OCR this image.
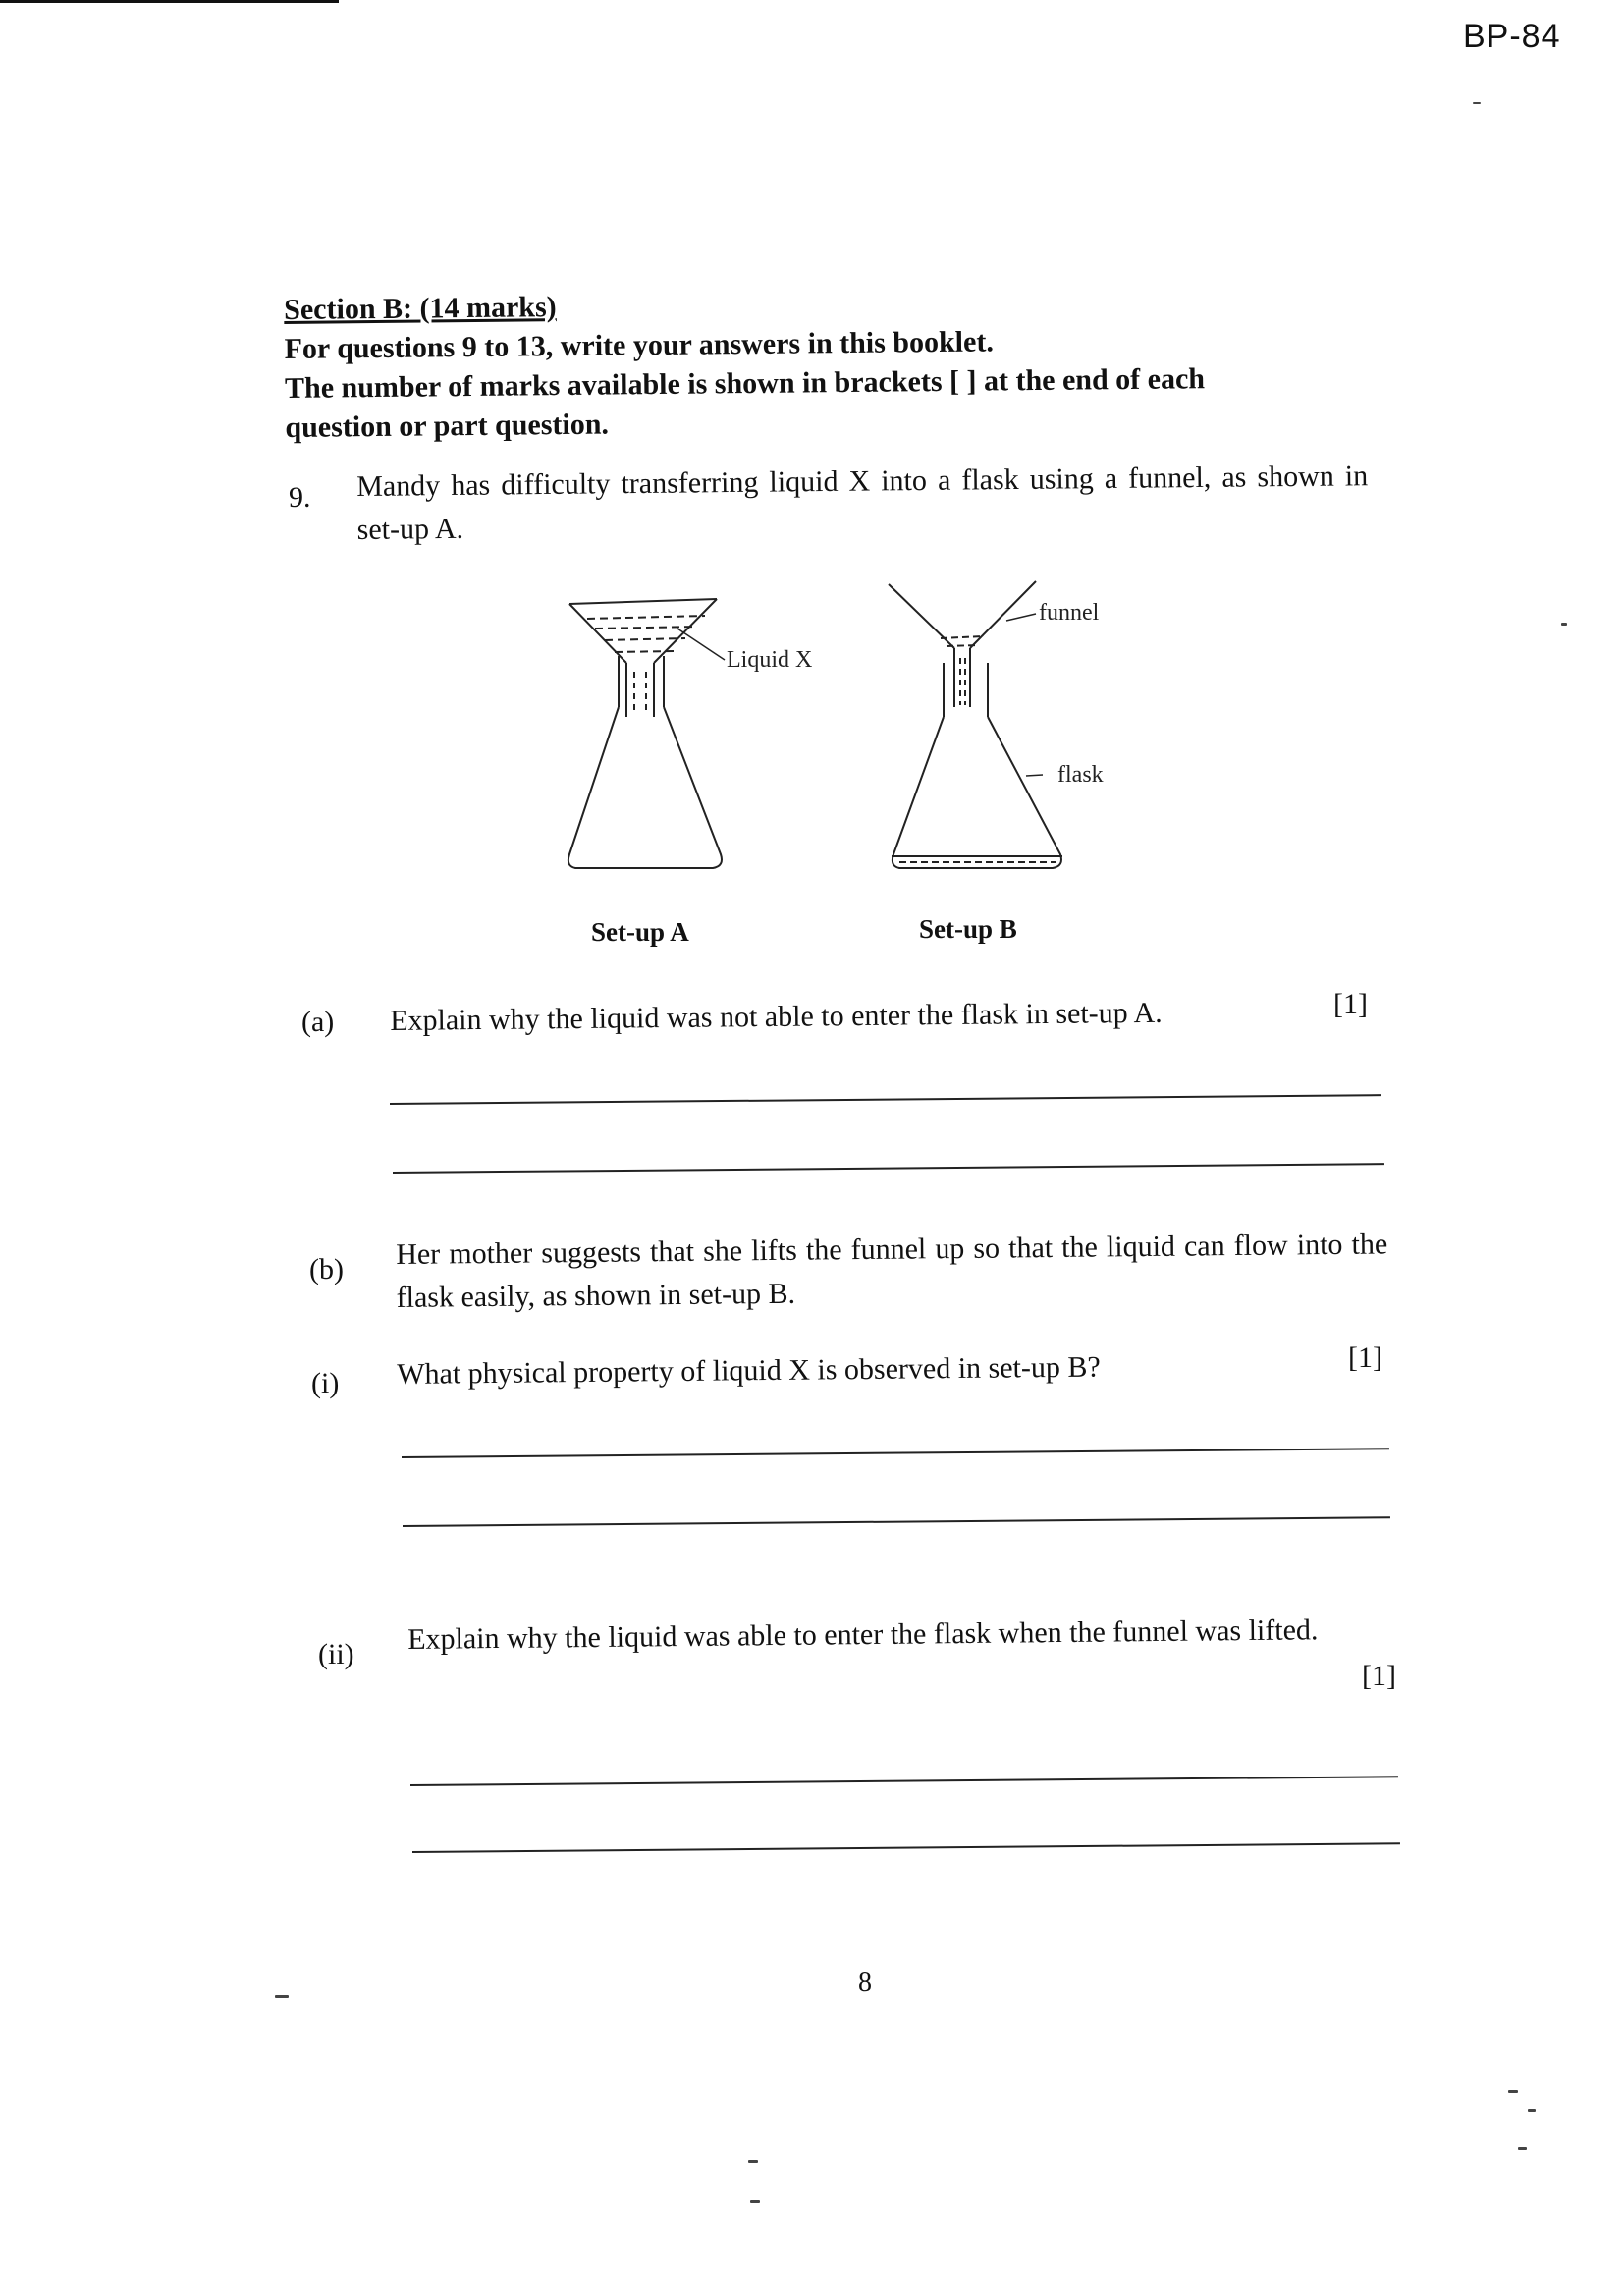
BP-84
Section B: (14 marks)
For questions 9 to 13, write your answers in this booklet.
The number of marks available is shown in brackets [ ] at the end of each
question or part question.
9. Mandy has difficulty transferring liquid X into a flask using a funnel, as shown in set-up A.
Liquid X
funnel
flask
Set-up A	Set-up B
(a) Explain why the liquid was not able to enter the flask in set-up A.	[1]
(b) Her mother suggests that she lifts the funnel up so that the liquid can flow into the flask easily, as shown in set-up B.
(i) What physical property of liquid X is observed in set-up B?	[1]
(ii) Explain why the liquid was able to enter the flask when the funnel was lifted.
[1]
8
